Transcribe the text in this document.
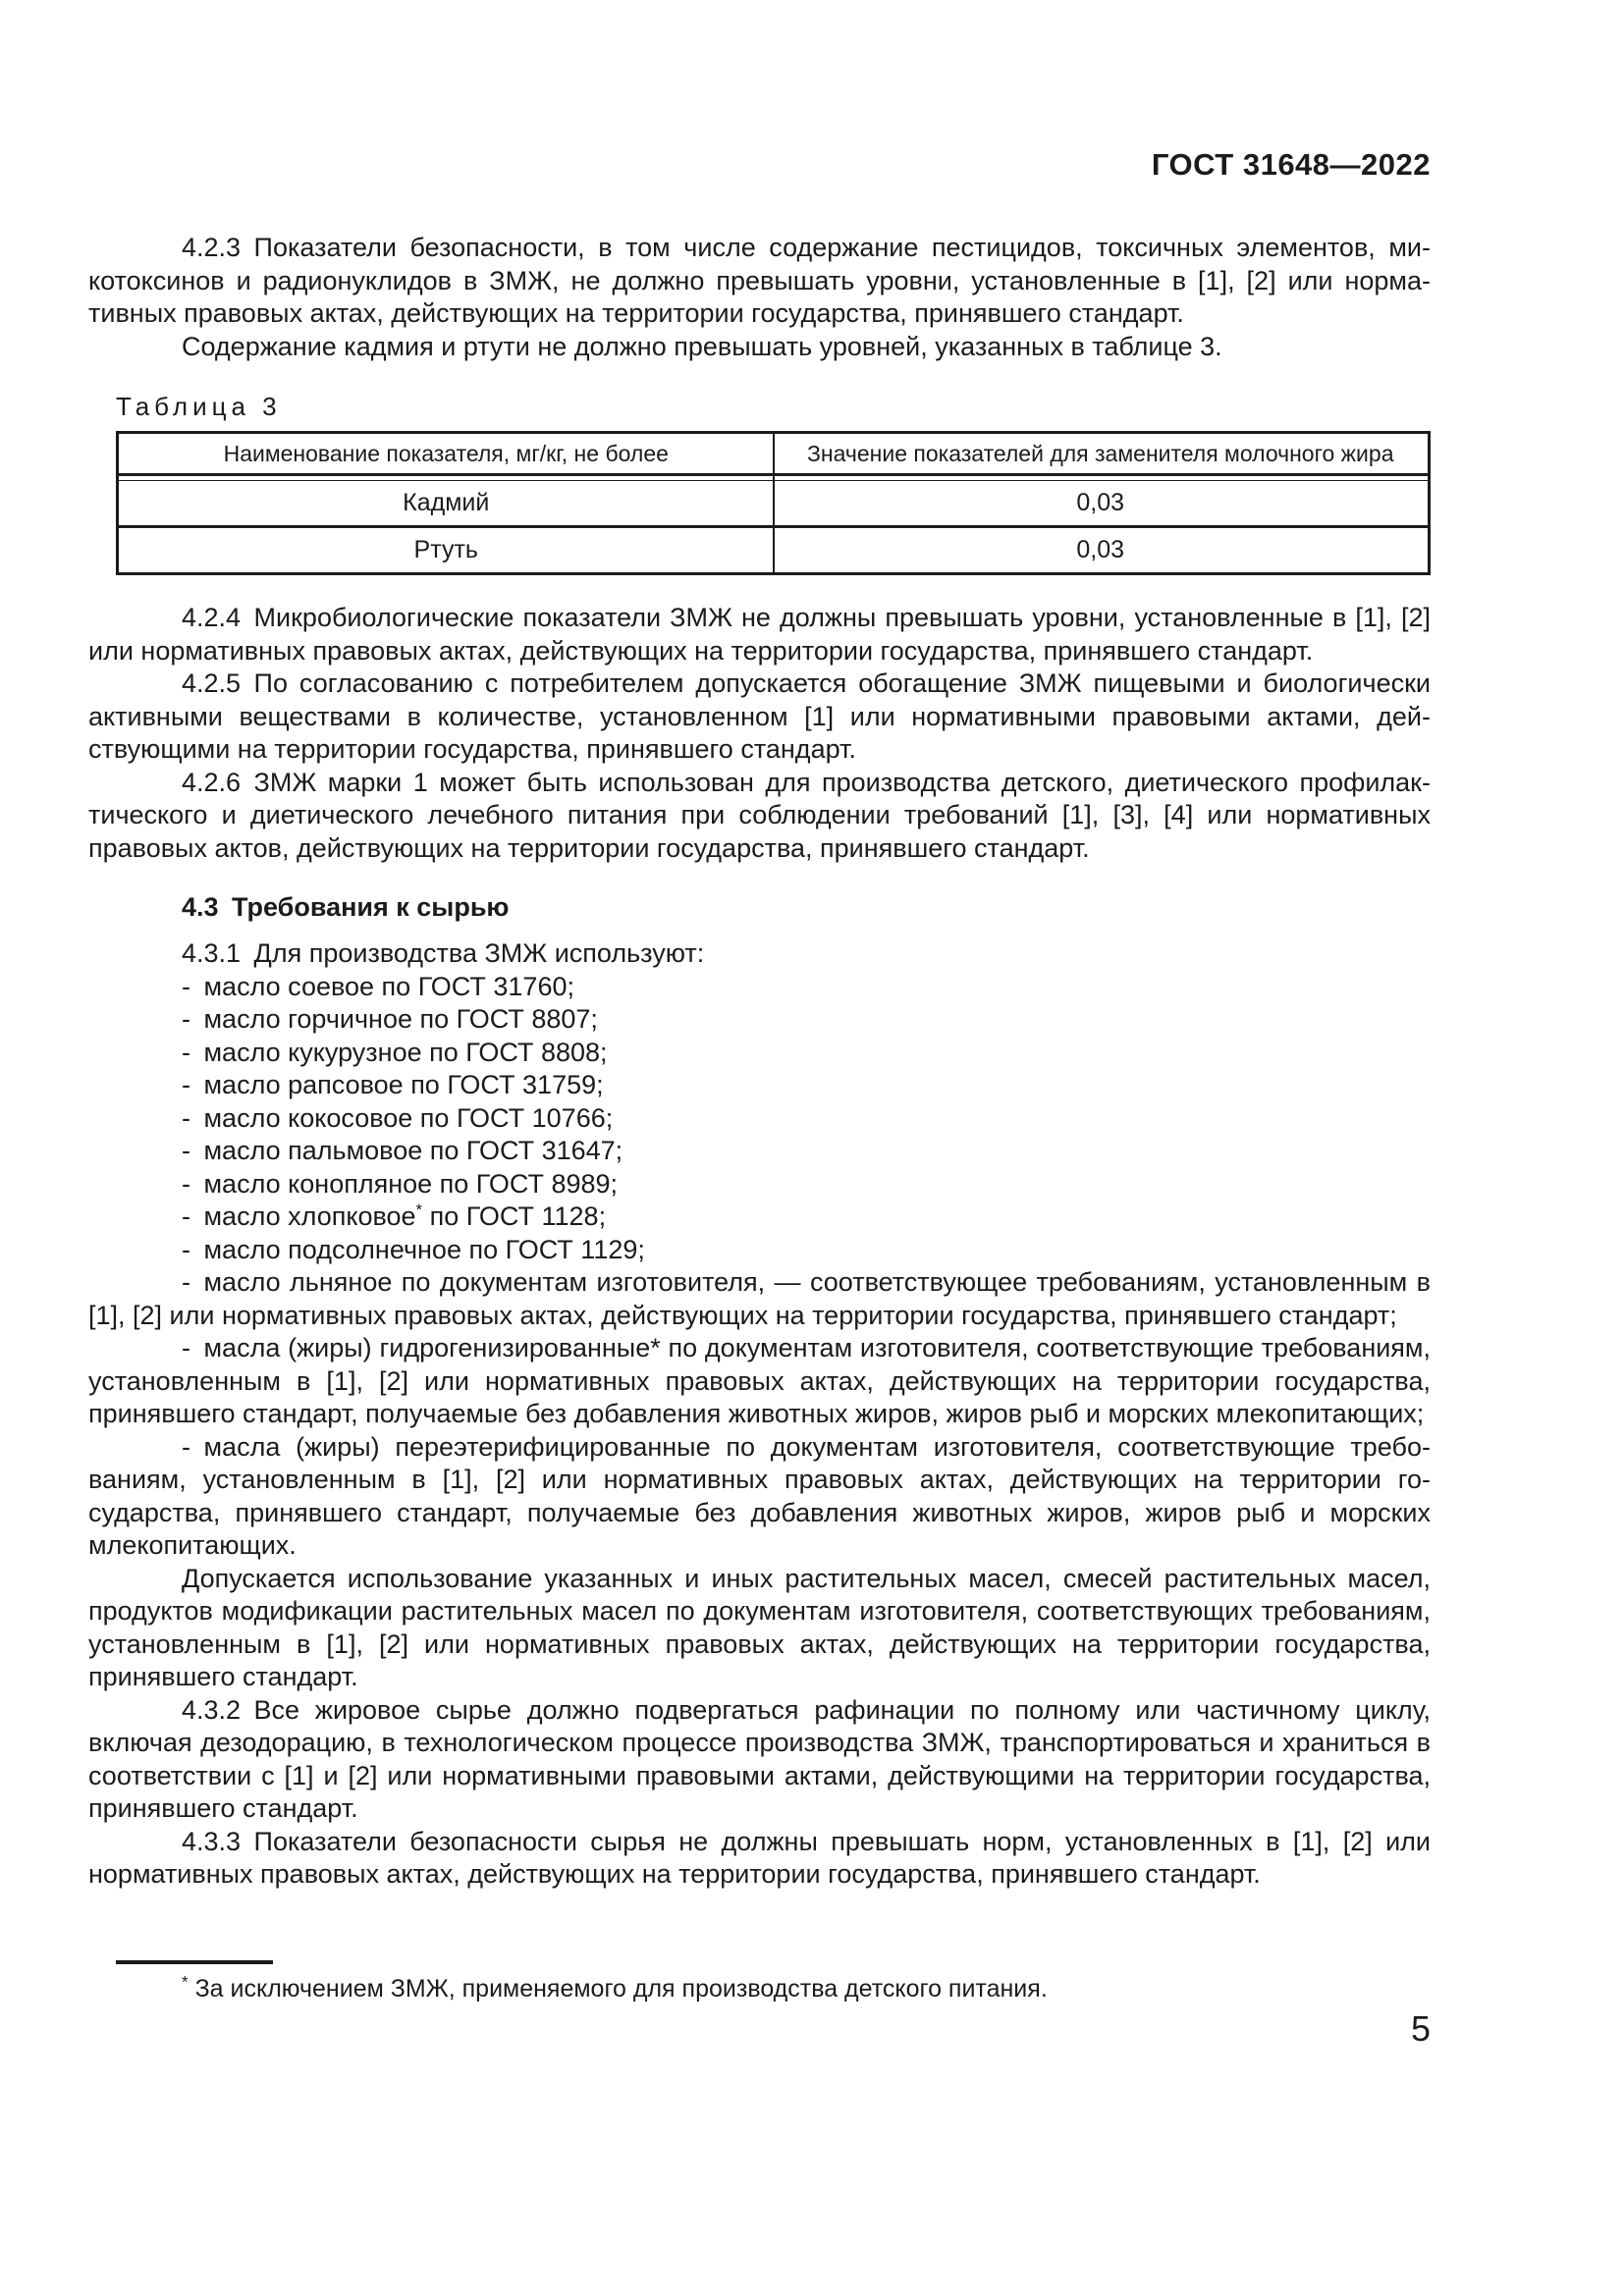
ГОСТ 31648—2022

4.2.3 Показатели безопасности, в том числе содержание пестицидов, токсичных элементов, микотоксинов и радионуклидов в ЗМЖ, не должно превышать уровни, установленные в [1], [2] или нормативных правовых актах, действующих на территории государства, принявшего стандарт.

Содержание кадмия и ртути не должно превышать уровней, указанных в таблице 3.

Таблица 3

Наименование показателя, мг/кг, не более	Значение показателей для заменителя молочного жира
Кадмий	0,03
Ртуть	0,03

4.2.4 Микробиологические показатели ЗМЖ не должны превышать уровни, установленные в [1], [2] или нормативных правовых актах, действующих на территории государства, принявшего стандарт.

4.2.5 По согласованию с потребителем допускается обогащение ЗМЖ пищевыми и биологически активными веществами в количестве, установленном [1] или нормативными правовыми актами, действующими на территории государства, принявшего стандарт.

4.2.6 ЗМЖ марки 1 может быть использован для производства детского, диетического профилактического и диетического лечебного питания при соблюдении требований [1], [3], [4] или нормативных правовых актов, действующих на территории государства, принявшего стандарт.

4.3 Требования к сырью

4.3.1 Для производства ЗМЖ используют:

- масло соевое по ГОСТ 31760;

- масло горчичное по ГОСТ 8807;

- масло кукурузное по ГОСТ 8808;

- масло рапсовое по ГОСТ 31759;

- масло кокосовое по ГОСТ 10766;

- масло пальмовое по ГОСТ 31647;

- масло конопляное по ГОСТ 8989;

- масло хлопковое* по ГОСТ 1128;

- масло подсолнечное по ГОСТ 1129;

- масло льняное по документам изготовителя, — соответствующее требованиям, установленным в [1], [2] или нормативных правовых актах, действующих на территории государства, принявшего стандарт;

- масла (жиры) гидрогенизированные* по документам изготовителя, соответствующие требованиям, установленным в [1], [2] или нормативных правовых актах, действующих на территории государства, принявшего стандарт, получаемые без добавления животных жиров, жиров рыб и морских млекопитающих;

- масла (жиры) переэтерифицированные по документам изготовителя, соответствующие требованиям, установленным в [1], [2] или нормативных правовых актах, действующих на территории государства, принявшего стандарт, получаемые без добавления животных жиров, жиров рыб и морских млекопитающих.

Допускается использование указанных и иных растительных масел, смесей растительных масел, продуктов модификации растительных масел по документам изготовителя, соответствующих требованиям, установленным в [1], [2] или нормативных правовых актах, действующих на территории государства, принявшего стандарт.

4.3.2 Все жировое сырье должно подвергаться рафинации по полному или частичному циклу, включая дезодорацию, в технологическом процессе производства ЗМЖ, транспортироваться и храниться в соответствии с [1] и [2] или нормативными правовыми актами, действующими на территории государства, принявшего стандарт.

4.3.3 Показатели безопасности сырья не должны превышать норм, установленных в [1], [2] или нормативных правовых актах, действующих на территории государства, принявшего стандарт.

* За исключением ЗМЖ, применяемого для производства детского питания.

5
